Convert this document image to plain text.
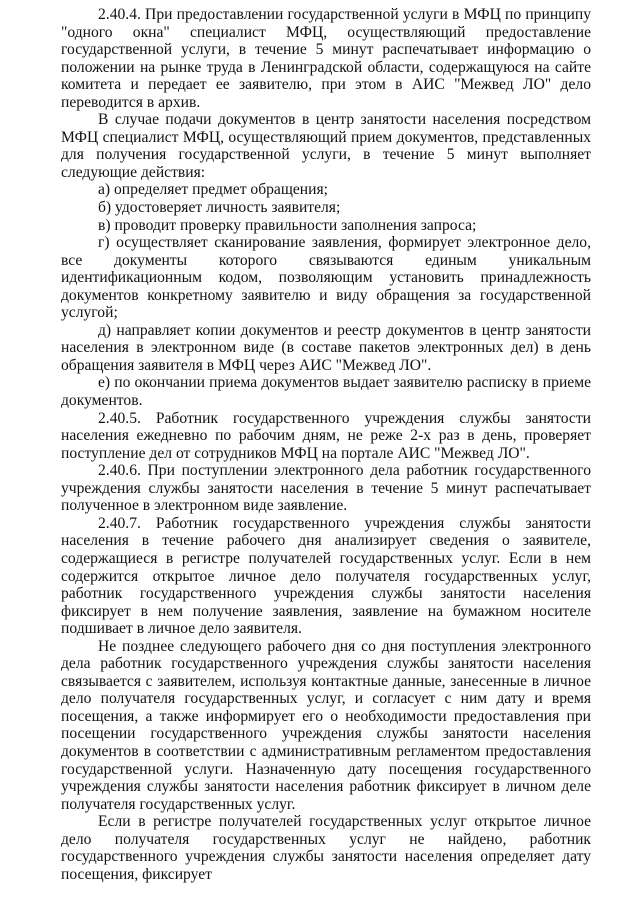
2.40.4. При предоставлении государственной услуги в МФЦ по принципу "одного окна" специалист МФЦ, осуществляющий предоставление государственной услуги, в течение 5 минут распечатывает информацию о положении на рынке труда в Ленинградской области, содержащуюся на сайте комитета и передает ее заявителю, при этом в АИС "Межвед ЛО" дело переводится в архив.

В случае подачи документов в центр занятости населения посредством МФЦ специалист МФЦ, осуществляющий прием документов, представленных для получения государственной услуги, в течение 5 минут выполняет следующие действия:

а) определяет предмет обращения;

б) удостоверяет личность заявителя;

в) проводит проверку правильности заполнения запроса;

г) осуществляет сканирование заявления, формирует электронное дело, все документы которого связываются единым уникальным идентификационным кодом, позволяющим установить принадлежность документов конкретному заявителю и виду обращения за государственной услугой;

д) направляет копии документов и реестр документов в центр занятости населения в электронном виде (в составе пакетов электронных дел) в день обращения заявителя в МФЦ через АИС "Межвед ЛО".

е) по окончании приема документов выдает заявителю расписку в приеме документов.

2.40.5. Работник государственного учреждения службы занятости населения ежедневно по рабочим дням, не реже 2-х раз в день, проверяет поступление дел от сотрудников МФЦ на портале АИС "Межвед ЛО".

2.40.6. При поступлении электронного дела работник государственного учреждения службы занятости населения в течение 5 минут распечатывает полученное в электронном виде заявление.

2.40.7. Работник государственного учреждения службы занятости населения в течение рабочего дня анализирует сведения о заявителе, содержащиеся в регистре получателей государственных услуг. Если в нем содержится открытое личное дело получателя государственных услуг, работник государственного учреждения службы занятости населения фиксирует в нем получение заявления, заявление на бумажном носителе подшивает в личное дело заявителя.

Не позднее следующего рабочего дня со дня поступления электронного дела работник государственного учреждения службы занятости населения связывается с заявителем, используя контактные данные, занесенные в личное дело получателя государственных услуг, и согласует с ним дату и время посещения, а также информирует его о необходимости предоставления при посещении государственного учреждения службы занятости населения документов в соответствии с административным регламентом предоставления государственной услуги. Назначенную дату посещения государственного учреждения службы занятости населения работник фиксирует в личном деле получателя государственных услуг.

Если в регистре получателей государственных услуг открытое личное дело получателя государственных услуг не найдено, работник государственного учреждения службы занятости населения определяет дату посещения, фиксирует
